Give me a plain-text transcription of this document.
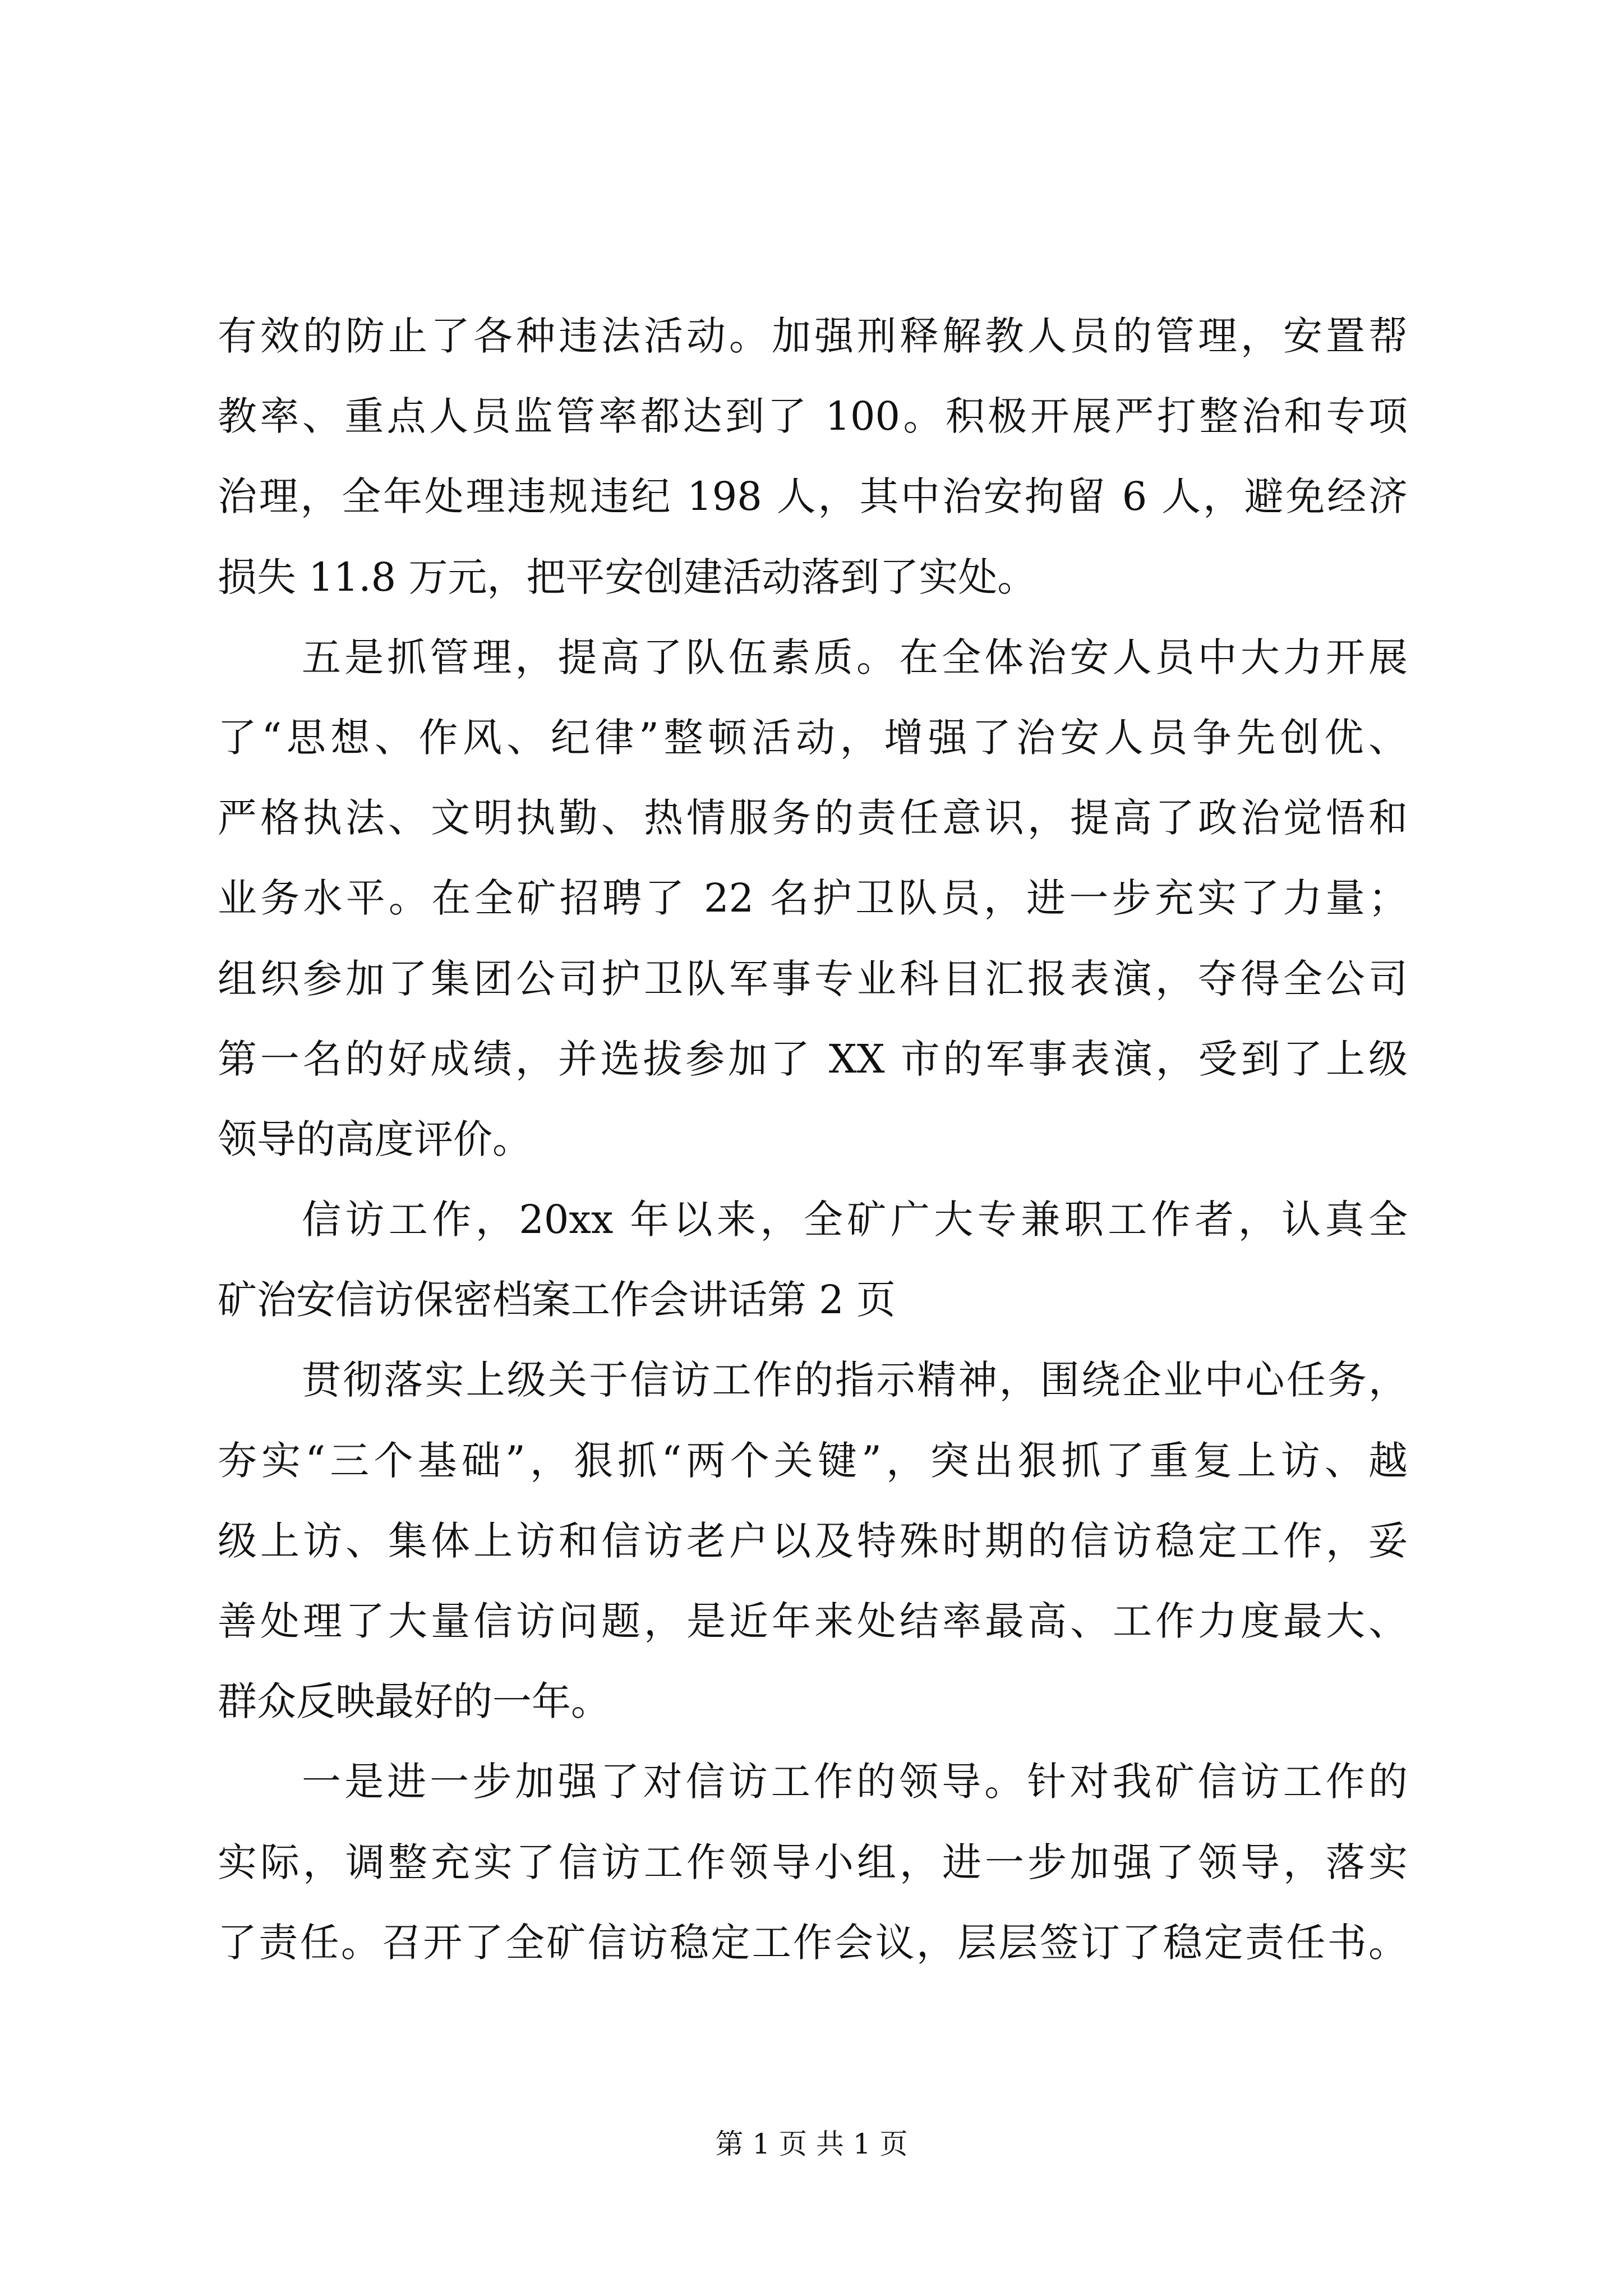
有效的防止了各种违法活动。加强刑释解教人员的管理，安置帮
教率、重点人员监管率都达到了 100。积极开展严打整治和专项
治理，全年处理违规违纪 198 人，其中治安拘留 6 人，避免经济
损失 11.8 万元，把平安创建活动落到了实处。
五是抓管理，提高了队伍素质。在全体治安人员中大力开展
了“思想、作风、纪律”整顿活动，增强了治安人员争先创优、
严格执法、文明执勤、热情服务的责任意识，提高了政治觉悟和
业务水平。在全矿招聘了 22 名护卫队员，进一步充实了力量；
组织参加了集团公司护卫队军事专业科目汇报表演，夺得全公司
第一名的好成绩，并选拔参加了 XX 市的军事表演，受到了上级
领导的高度评价。
信访工作，20xx 年以来，全矿广大专兼职工作者，认真全
矿治安信访保密档案工作会讲话第 2 页
贯彻落实上级关于信访工作的指示精神，围绕企业中心任务，
夯实“三个基础”，狠抓“两个关键”，突出狠抓了重复上访、越
级上访、集体上访和信访老户以及特殊时期的信访稳定工作，妥
善处理了大量信访问题，是近年来处结率最高、工作力度最大、
群众反映最好的一年。
一是进一步加强了对信访工作的领导。针对我矿信访工作的
实际，调整充实了信访工作领导小组，进一步加强了领导，落实
了责任。召开了全矿信访稳定工作会议，层层签订了稳定责任书。
第 1 页 共 1 页
